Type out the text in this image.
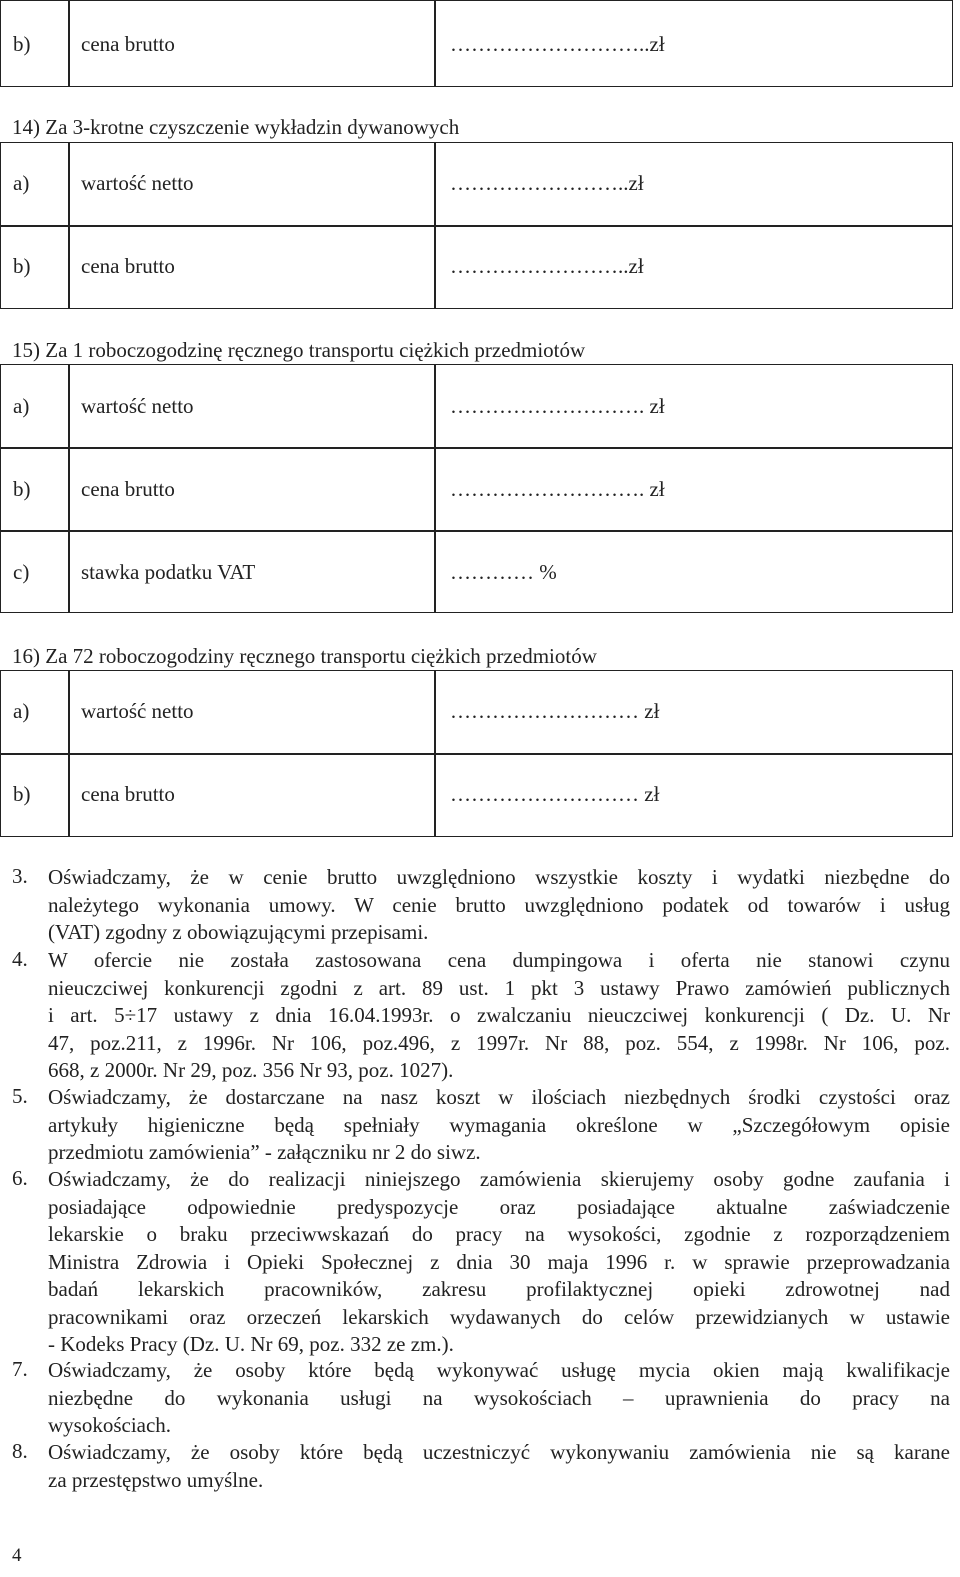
b) cena brutto	………………………..zł
14) Za 3-krotne czyszczenie wykładzin dywanowych
a) wartość netto	……………………..zł
b) cena brutto	……………………..zł
15) Za 1 roboczogodzinę ręcznego transportu ciężkich przedmiotów
a) wartość netto	………………………. zł
b) cena brutto	………………………. zł
c) stawka podatku VAT	………… %
16) Za 72 roboczogodziny ręcznego transportu ciężkich przedmiotów
a) wartość netto	……………………… zł
b) cena brutto	……………………… zł
3. Oświadczamy, że w cenie brutto uwzględniono wszystkie koszty i wydatki niezbędne do
należytego wykonania umowy. W cenie brutto uwzględniono podatek od towarów i usług
(VAT) zgodny z obowiązującymi przepisami.
4. W ofercie nie została zastosowana cena dumpingowa i oferta nie stanowi czynu
nieuczciwej konkurencji zgodni z art. 89 ust. 1 pkt 3 ustawy Prawo zamówień publicznych
i art. 5÷17 ustawy z dnia 16.04.1993r. o zwalczaniu nieuczciwej konkurencji ( Dz. U. Nr
47, poz.211, z 1996r. Nr 106, poz.496, z 1997r. Nr 88, poz. 554, z 1998r. Nr 106, poz.
668, z 2000r. Nr 29, poz. 356 Nr 93, poz. 1027).
5. Oświadczamy, że dostarczane na nasz koszt w ilościach niezbędnych środki czystości oraz
artykuły higieniczne będą spełniały wymagania określone w „Szczegółowym opisie
przedmiotu zamówienia” - załączniku nr 2 do siwz.
6. Oświadczamy, że do realizacji niniejszego zamówienia skierujemy osoby godne zaufania i
posiadające odpowiednie predyspozycje oraz posiadające aktualne zaświadczenie
lekarskie o braku przeciwwskazań do pracy na wysokości, zgodnie z rozporządzeniem
Ministra Zdrowia i Opieki Społecznej z dnia 30 maja 1996 r. w sprawie przeprowadzania
badań lekarskich pracowników, zakresu profilaktycznej opieki zdrowotnej nad
pracownikami oraz orzeczeń lekarskich wydawanych do celów przewidzianych w ustawie
- Kodeks Pracy (Dz. U. Nr 69, poz. 332 ze zm.).
7. Oświadczamy, że osoby które będą wykonywać usługę mycia okien mają kwalifikacje
niezbędne do wykonania usługi na wysokościach – uprawnienia do pracy na
wysokościach.
8. Oświadczamy, że osoby które będą uczestniczyć wykonywaniu zamówienia nie są karane
za przestępstwo umyślne.
4
